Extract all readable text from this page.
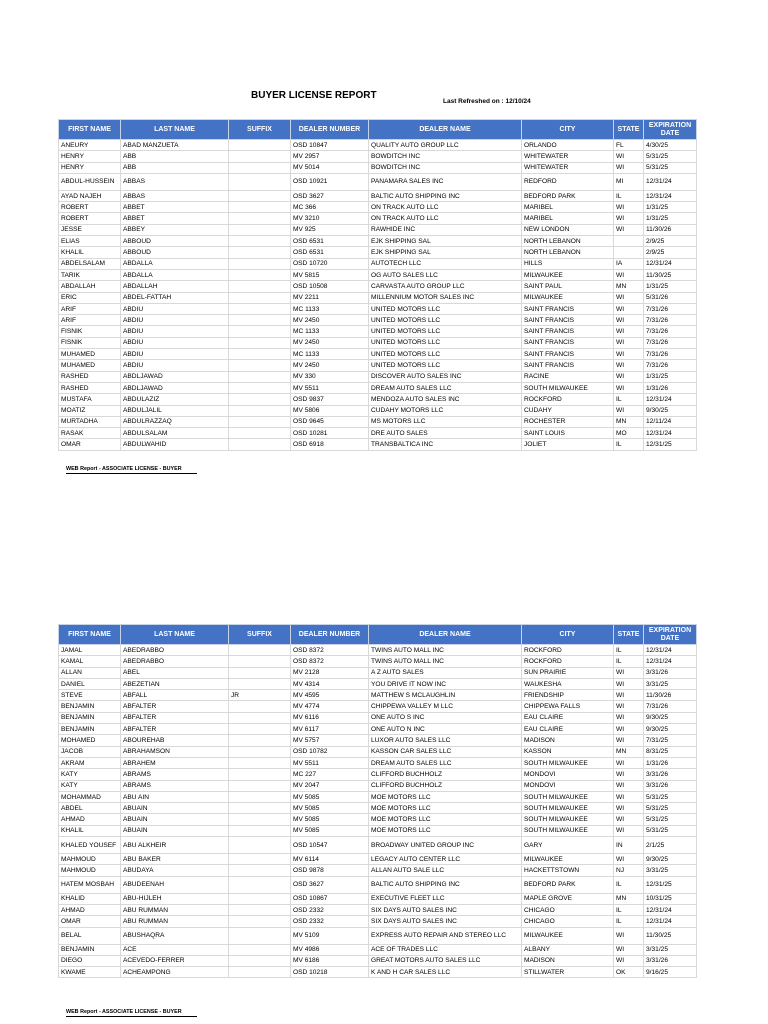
BUYER LICENSE REPORT
Last Refreshed on : 12/10/24
FIRST NAME	LAST NAME	SUFFIX	DEALER NUMBER	DEALER NAME	CITY	STATE	EXPIRATION DATE
ANEURY	ABAD MANZUETA		OSD 10847	QUALITY AUTO GROUP LLC	ORLANDO	FL	4/30/25
HENRY	ABB		MV 2957	BOWDITCH INC	WHITEWATER	WI	5/31/25
HENRY	ABB		MV 5014	BOWDITCH INC	WHITEWATER	WI	5/31/25
ABDUL-HUSSEIN	ABBAS		OSD 10921	PANAMARA SALES INC	REDFORD	MI	12/31/24
AYAD NAJEH	ABBAS		OSD 3627	BALTIC AUTO SHIPPING INC	BEDFORD PARK	IL	12/31/24
ROBERT	ABBET		MC 366	ON TRACK AUTO LLC	MARIBEL	WI	1/31/25
ROBERT	ABBET		MV 3210	ON TRACK AUTO LLC	MARIBEL	WI	1/31/25
JESSE	ABBEY		MV 925	RAWHIDE INC	NEW LONDON	WI	11/30/26
ELIAS	ABBOUD		OSD 6531	EJK SHIPPING SAL	NORTH LEBANON		2/9/25
KHALIL	ABBOUD		OSD 6531	EJK SHIPPING SAL	NORTH LEBANON		2/9/25
ABDELSALAM	ABDALLA		OSD 10720	AUTOTECH LLC	HILLS	IA	12/31/24
TARIK	ABDALLA		MV 5815	OG AUTO SALES LLC	MILWAUKEE	WI	11/30/25
ABDALLAH	ABDALLAH		OSD 10508	CARVASTA AUTO GROUP LLC	SAINT PAUL	MN	1/31/25
ERIC	ABDEL-FATTAH		MV 2211	MILLENNIUM MOTOR SALES INC	MILWAUKEE	WI	5/31/26
ARIF	ABDIU		MC 1133	UNITED MOTORS LLC	SAINT FRANCIS	WI	7/31/26
ARIF	ABDIU		MV 2450	UNITED MOTORS LLC	SAINT FRANCIS	WI	7/31/26
FISNIK	ABDIU		MC 1133	UNITED MOTORS LLC	SAINT FRANCIS	WI	7/31/26
FISNIK	ABDIU		MV 2450	UNITED MOTORS LLC	SAINT FRANCIS	WI	7/31/26
MUHAMED	ABDIU		MC 1133	UNITED MOTORS LLC	SAINT FRANCIS	WI	7/31/26
MUHAMED	ABDIU		MV 2450	UNITED MOTORS LLC	SAINT FRANCIS	WI	7/31/26
RASHED	ABDLJAWAD		MV 330	DISCOVER AUTO SALES INC	RACINE	WI	1/31/25
RASHED	ABDLJAWAD		MV 5511	DREAM AUTO SALES LLC	SOUTH MILWAUKEE	WI	1/31/26
MUSTAFA	ABDULAZIZ		OSD 9837	MENDOZA AUTO SALES INC	ROCKFORD	IL	12/31/24
MOATIZ	ABDULJALIL		MV 5806	CUDAHY MOTORS LLC	CUDAHY	WI	9/30/25
MURTADHA	ABDULRAZZAQ		OSD 9645	MS MOTORS LLC	ROCHESTER	MN	12/11/24
RASAK	ABDULSALAM		OSD 10281	DRE AUTO SALES	SAINT LOUIS	MO	12/31/24
OMAR	ABDULWAHID		OSD 6918	TRANSBALTICA INC	JOLIET	IL	12/31/25
WEB Report - ASSOCIATE LICENSE - BUYER
FIRST NAME	LAST NAME	SUFFIX	DEALER NUMBER	DEALER NAME	CITY	STATE	EXPIRATION DATE
JAMAL	ABEDRABBO		OSD 8372	TWINS AUTO MALL INC	ROCKFORD	IL	12/31/24
KAMAL	ABEDRABBO		OSD 8372	TWINS AUTO MALL INC	ROCKFORD	IL	12/31/24
ALLAN	ABEL		MV 2128	A Z AUTO SALES	SUN PRAIRIE	WI	3/31/26
DANIEL	ABEZETIAN		MV 4314	YOU DRIVE IT NOW INC	WAUKESHA	WI	3/31/25
STEVE	ABFALL	JR	MV 4595	MATTHEW S MCLAUGHLIN	FRIENDSHIP	WI	11/30/26
BENJAMIN	ABFALTER		MV 4774	CHIPPEWA VALLEY M LLC	CHIPPEWA FALLS	WI	7/31/26
BENJAMIN	ABFALTER		MV 6116	ONE AUTO S INC	EAU CLAIRE	WI	9/30/25
BENJAMIN	ABFALTER		MV 6117	ONE AUTO N INC	EAU CLAIRE	WI	9/30/25
MOHAMED	ABOUREHAB		MV 5757	LUXOR AUTO SALES LLC	MADISON	WI	7/31/25
JACOB	ABRAHAMSON		OSD 10782	KASSON CAR SALES LLC	KASSON	MN	8/31/25
AKRAM	ABRAHEM		MV 5511	DREAM AUTO SALES LLC	SOUTH MILWAUKEE	WI	1/31/26
KATY	ABRAMS		MC 227	CLIFFORD BUCHHOLZ	MONDOVI	WI	3/31/26
KATY	ABRAMS		MV 2047	CLIFFORD BUCHHOLZ	MONDOVI	WI	3/31/26
MOHAMMAD	ABU AIN		MV 5085	MOE MOTORS LLC	SOUTH MILWAUKEE	WI	5/31/25
ABDEL	ABUAIN		MV 5085	MOE MOTORS LLC	SOUTH MILWAUKEE	WI	5/31/25
AHMAD	ABUAIN		MV 5085	MOE MOTORS LLC	SOUTH MILWAUKEE	WI	5/31/25
KHALIL	ABUAIN		MV 5085	MOE MOTORS LLC	SOUTH MILWAUKEE	WI	5/31/25
KHALED YOUSEF	ABU ALKHEIR		OSD 10547	BROADWAY UNITED GROUP INC	GARY	IN	2/1/25
MAHMOUD	ABU BAKER		MV 6114	LEGACY AUTO CENTER LLC	MILWAUKEE	WI	9/30/25
MAHMOUD	ABUDAYA		OSD 9878	ALLAN AUTO SALE LLC	HACKETTSTOWN	NJ	3/31/25
HATEM MOSBAH	ABUDEENAH		OSD 3627	BALTIC AUTO SHIPPING INC	BEDFORD PARK	IL	12/31/25
KHALID	ABU-HIJLEH		OSD 10867	EXECUTIVE FLEET LLC	MAPLE GROVE	MN	10/31/25
AHMAD	ABU RUMMAN		OSD 2332	SIX DAYS AUTO SALES INC	CHICAGO	IL	12/31/24
OMAR	ABU RUMMAN		OSD 2332	SIX DAYS AUTO SALES INC	CHICAGO	IL	12/31/24
BELAL	ABUSHAQRA		MV 5109	EXPRESS AUTO REPAIR AND STEREO LLC	MILWAUKEE	WI	11/30/25
BENJAMIN	ACE		MV 4986	ACE OF TRADES LLC	ALBANY	WI	3/31/25
DIEGO	ACEVEDO-FERRER		MV 6186	GREAT MOTORS AUTO SALES LLC	MADISON	WI	3/31/26
KWAME	ACHEAMPONG		OSD 10218	K AND H CAR SALES LLC	STILLWATER	OK	9/16/25
WEB Report - ASSOCIATE LICENSE - BUYER
